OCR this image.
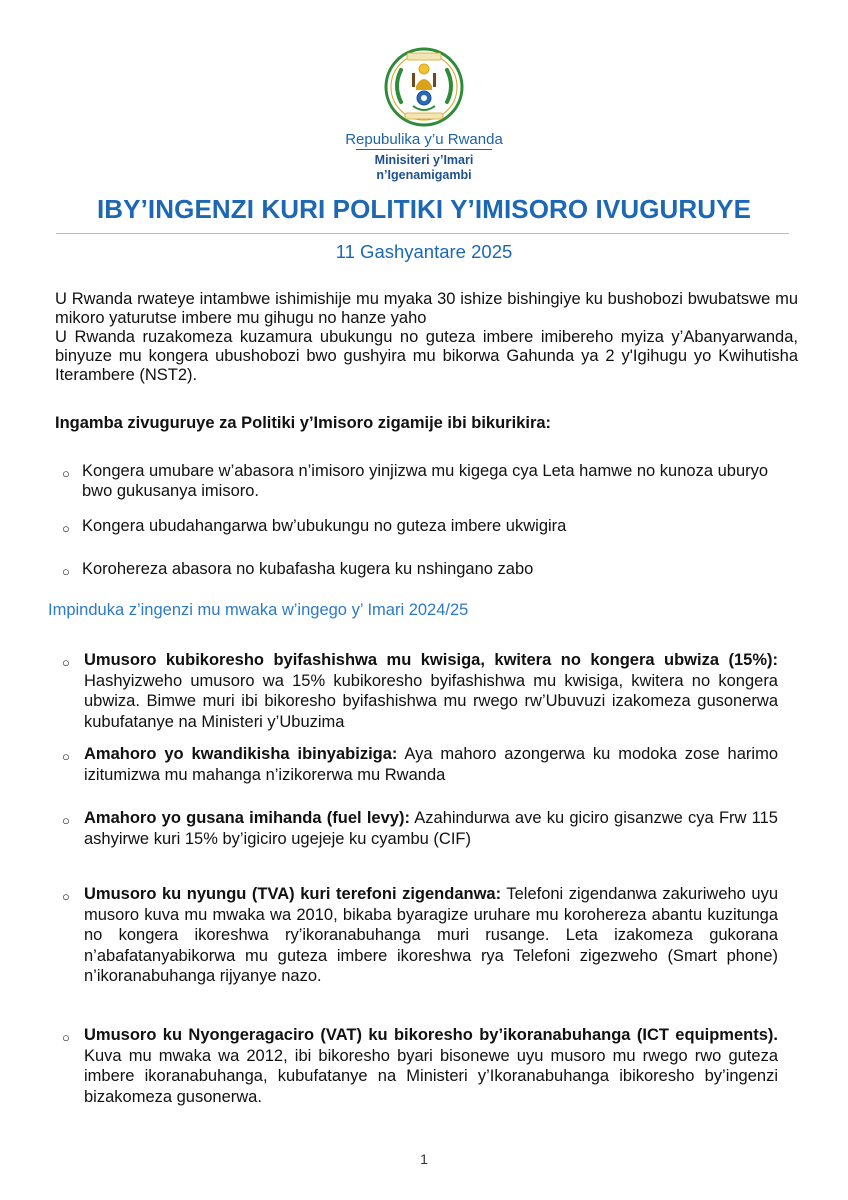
Repubulika y’u Rwanda
Minisiteri y’Imari
n’Igenamigambi
IBY’INGENZI KURI POLITIKI Y’IMISORO IVUGURUYE
11 Gashyantare 2025

U Rwanda rwateye intambwe ishimishije mu myaka 30 ishize bishingiye ku bushobozi bwubatswe mu mikoro yaturutse imbere mu gihugu no hanze yaho

U Rwanda ruzakomeza kuzamura ubukungu no guteza imbere imibereho myiza y’Abanyarwanda, binyuze mu kongera ubushobozi bwo gushyira mu bikorwa Gahunda ya 2 y'Igihugu yo Kwihutisha Iterambere (NST2).

Ingamba zivuguruye za Politiki y’Imisoro zigamije ibi bikurikira:
○ Kongera umubare w’abasora n’imisoro yinjizwa mu kigega cya Leta hamwe no kunoza uburyo bwo gukusanya imisoro.
○ Kongera ubudahangarwa bw’ubukungu no guteza imbere ukwigira
○ Korohereza abasora no kubafasha kugera ku nshingano zabo
Impinduka z’ingenzi mu mwaka w’ingego y’ Imari 2024/25
○ Umusoro kubikoresho byifashishwa mu kwisiga, kwitera no kongera ubwiza (15%): Hashyizweho umusoro wa 15% kubikoresho byifashishwa mu kwisiga, kwitera no kongera ubwiza. Bimwe muri ibi bikoresho byifashishwa mu rwego rw’Ubuvuzi izakomeza gusonerwa kubufatanye na Ministeri y’Ubuzima
○ Amahoro yo kwandikisha ibinyabiziga: Aya mahoro azongerwa ku modoka zose harimo izitumizwa mu mahanga n’izikorerwa mu Rwanda
○ Amahoro yo gusana imihanda (fuel levy): Azahindurwa ave ku giciro gisanzwe cya Frw 115 ashyirwe kuri 15% by’igiciro ugejeje ku cyambu (CIF)
○ Umusoro ku nyungu (TVA) kuri terefoni zigendanwa: Telefoni zigendanwa zakuriweho uyu musoro kuva mu mwaka wa 2010, bikaba byaragize uruhare mu korohereza abantu kuzitunga no kongera ikoreshwa ry’ikoranabuhanga muri rusange. Leta izakomeza gukorana n’abafatanyabikorwa mu guteza imbere ikoreshwa rya Telefoni zigezweho (Smart phone) n’ikoranabuhanga rijyanye nazo.
○ Umusoro ku Nyongeragaciro (VAT) ku bikoresho by’ikoranabuhanga (ICT equipments). Kuva mu mwaka wa 2012, ibi bikoresho byari bisonewe uyu musoro mu rwego rwo guteza imbere ikoranabuhanga, kubufatanye na Ministeri y’Ikoranabuhanga ibikoresho by’ingenzi bizakomeza gusonerwa.
1
